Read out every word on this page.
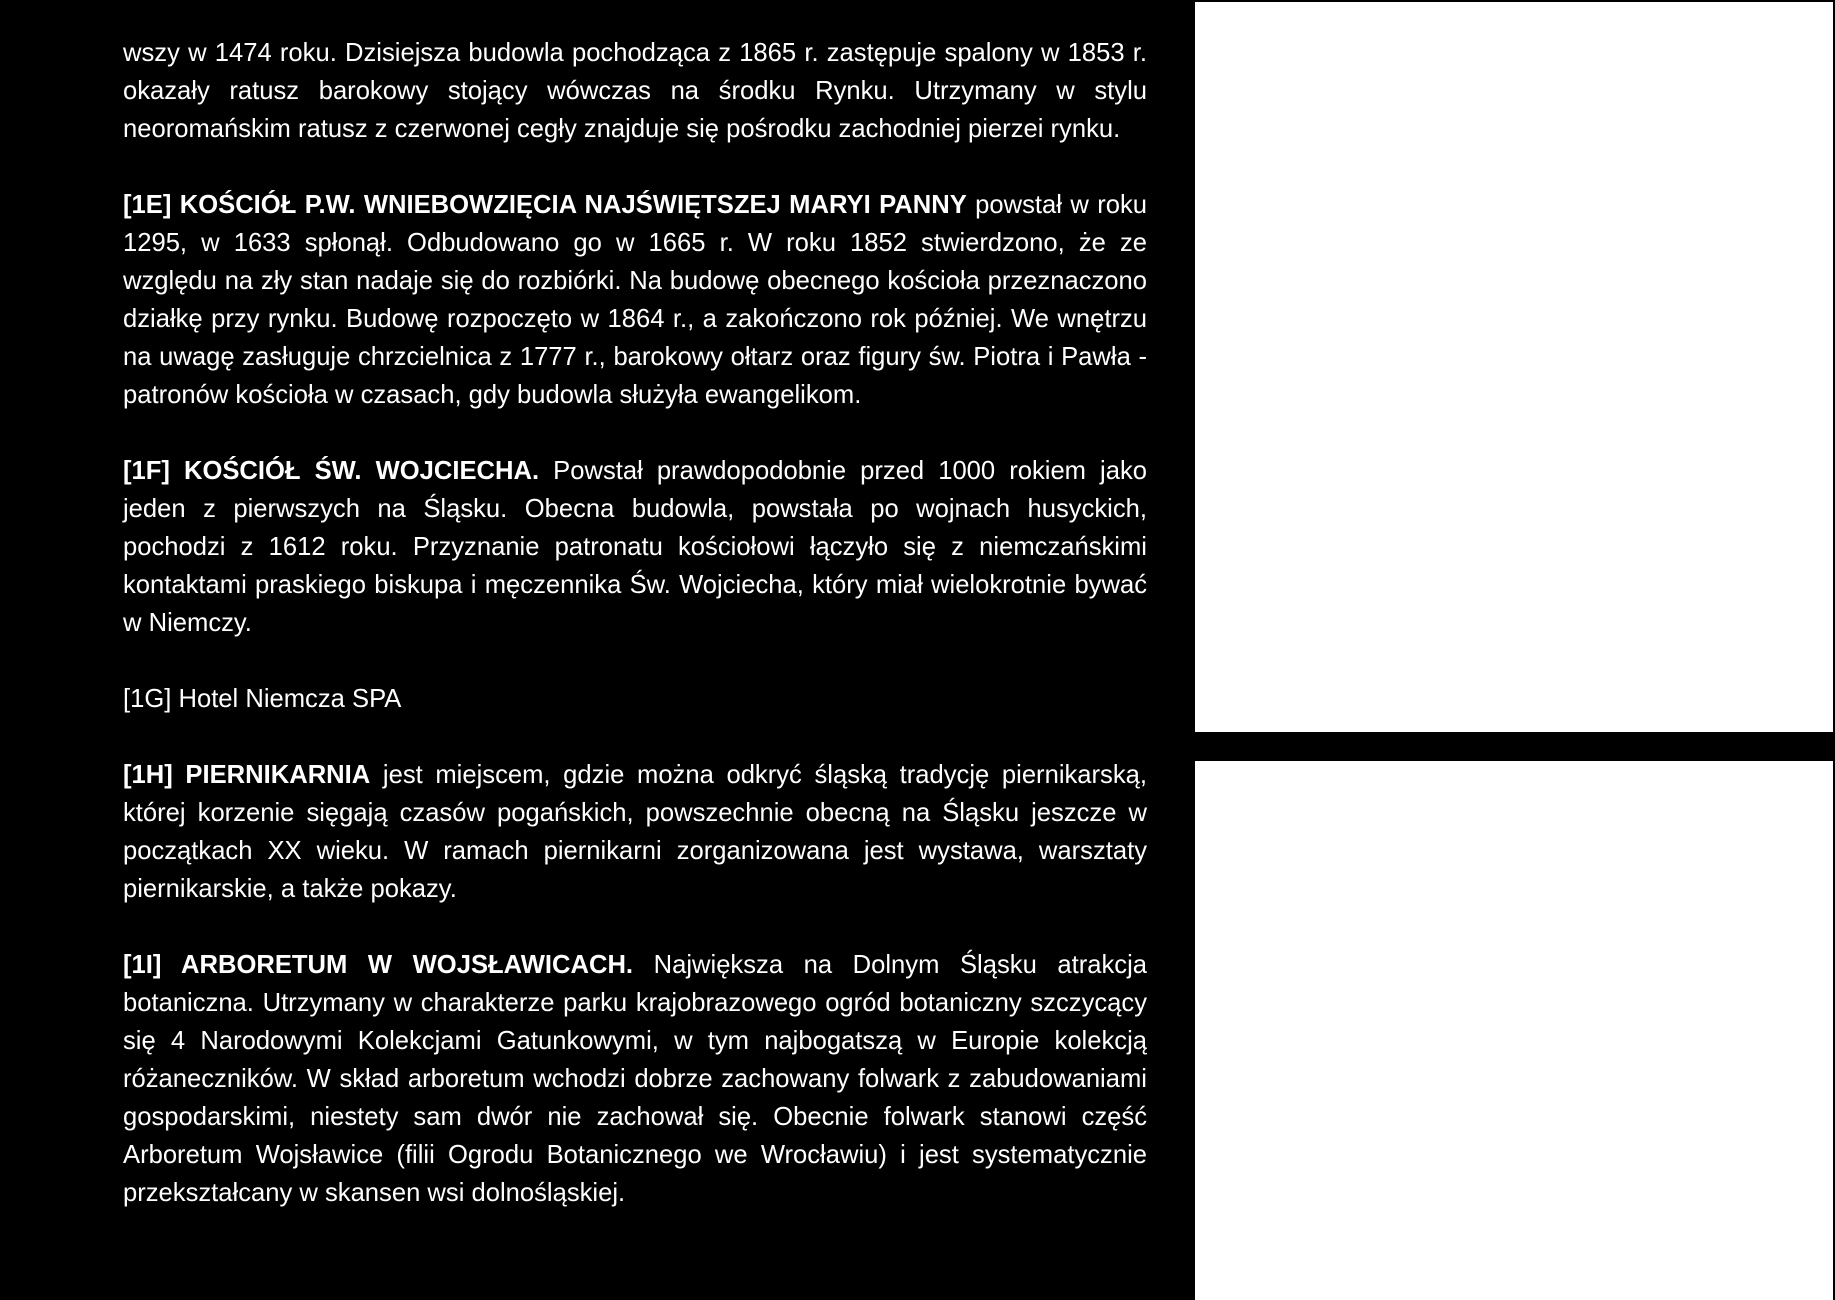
wszy w 1474 roku. Dzisiejsza budowla pochodząca z 1865 r. zastępuje spalony w 1853 r. okazały ratusz barokowy stojący wówczas na środku Rynku. Utrzymany w stylu neoromańskim ratusz z czerwonej cegły znajduje się pośrodku zachodniej pierzei rynku.

[1E] KOŚCIÓŁ P.W. WNIEBOWZIĘCIA NAJŚWIĘTSZEJ MARYI PANNY powstał w roku 1295, w 1633 spłonął. Odbudowano go w 1665 r. W roku 1852 stwierdzono, że ze względu na zły stan nadaje się do rozbiórki. Na budowę obecnego kościoła przeznaczono działkę przy rynku. Budowę rozpoczęto w 1864 r., a zakończono rok później. We wnętrzu na uwagę zasługuje chrzcielnica z 1777 r., barokowy ołtarz oraz figury św. Piotra i Pawła - patronów kościoła w czasach, gdy budowla służyła ewangelikom.

[1F] KOŚCIÓŁ ŚW. WOJCIECHA. Powstał prawdopodobnie przed 1000 rokiem jako jeden z pierwszych na Śląsku. Obecna budowla, powstała po wojnach husyckich, pochodzi z 1612 roku. Przyznanie patronatu kościołowi łączyło się z niemczańskimi kontaktami praskiego biskupa i męczennika Św. Wojciecha, który miał wielokrotnie bywać w Niemczy.

[1G] Hotel Niemcza SPA

[1H] PIERNIKARNIA jest miejscem, gdzie można odkryć śląską tradycję piernikarską, której korzenie sięgają czasów pogańskich, powszechnie obecną na Śląsku jeszcze w początkach XX wieku. W ramach piernikarni zorganizowana jest wystawa, warsztaty piernikarskie, a także pokazy.

[1I] ARBORETUM W WOJSŁAWICACH. Największa na Dolnym Śląsku atrakcja botaniczna. Utrzymany w charakterze parku krajobrazowego ogród botaniczny szczycący się 4 Narodowymi Kolekcjami Gatunkowymi, w tym najbogatszą w Europie kolekcją różaneczników. W skład arboretum wchodzi dobrze zachowany folwark z zabudowaniami gospodarskimi, niestety sam dwór nie zachował się. Obecnie folwark stanowi część Arboretum Wojsławice (filii Ogrodu Botanicznego we Wrocławiu) i jest systematycznie przekształcany w skansen wsi dolnośląskiej.
